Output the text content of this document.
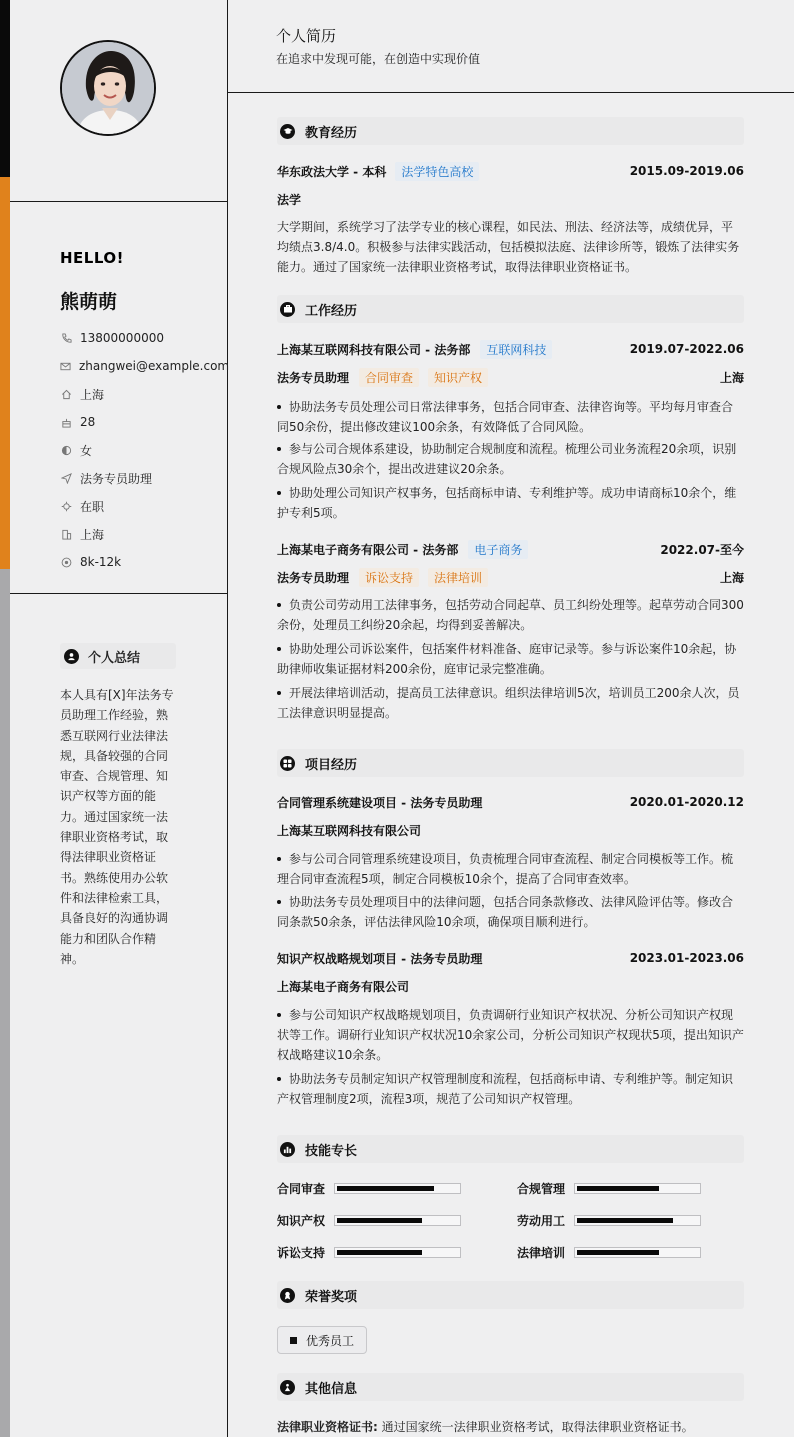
HELLO!
熊萌萌
13800000000
zhangwei@example.com
上海
28
女
法务专员助理
在职
上海
8k-12k
个人总结
本人具有[X]年法务专员助理工作经验，熟悉互联网行业法律法规，具备较强的合同审查、合规管理、知识产权等方面的能力。通过国家统一法律职业资格考试，取得法律职业资格证书。熟练使用办公软件和法律检索工具，具备良好的沟通协调能力和团队合作精神。
个人简历
在追求中发现可能，在创造中实现价值
教育经历
华东政法大学 - 本科	法学特色高校	2015.09-2019.06
法学
大学期间，系统学习了法学专业的核心课程，如民法、刑法、经济法等，成绩优异，平均绩点3.8/4.0。积极参与法律实践活动，包括模拟法庭、法律诊所等，锻炼了法律实务能力。通过了国家统一法律职业资格考试，取得法律职业资格证书。
工作经历
上海某互联网科技有限公司 - 法务部	互联网科技	2019.07-2022.06
法务专员助理	合同审查	知识产权	上海
协助法务专员处理公司日常法律事务，包括合同审查、法律咨询等。平均每月审查合同50余份，提出修改建议100余条，有效降低了合同风险。
参与公司合规体系建设，协助制定合规制度和流程。梳理公司业务流程20余项，识别合规风险点30余个，提出改进建议20余条。
协助处理公司知识产权事务，包括商标申请、专利维护等。成功申请商标10余个，维护专利5项。
上海某电子商务有限公司 - 法务部	电子商务	2022.07-至今
法务专员助理	诉讼支持	法律培训	上海
负责公司劳动用工法律事务，包括劳动合同起草、员工纠纷处理等。起草劳动合同300余份，处理员工纠纷20余起，均得到妥善解决。
协助处理公司诉讼案件，包括案件材料准备、庭审记录等。参与诉讼案件10余起，协助律师收集证据材料200余份，庭审记录完整准确。
开展法律培训活动，提高员工法律意识。组织法律培训5次，培训员工200余人次，员工法律意识明显提高。
项目经历
合同管理系统建设项目 - 法务专员助理	2020.01-2020.12
上海某互联网科技有限公司
参与公司合同管理系统建设项目，负责梳理合同审查流程、制定合同模板等工作。梳理合同审查流程5项，制定合同模板10余个，提高了合同审查效率。
协助法务专员处理项目中的法律问题，包括合同条款修改、法律风险评估等。修改合同条款50余条，评估法律风险10余项，确保项目顺利进行。
知识产权战略规划项目 - 法务专员助理	2023.01-2023.06
上海某电子商务有限公司
参与公司知识产权战略规划项目，负责调研行业知识产权状况、分析公司知识产权现状等工作。调研行业知识产权状况10余家公司，分析公司知识产权现状5项，提出知识产权战略建议10余条。
协助法务专员制定知识产权管理制度和流程，包括商标申请、专利维护等。制定知识产权管理制度2项，流程3项，规范了公司知识产权管理。
技能专长
合同审查	合规管理
知识产权	劳动用工
诉讼支持	法律培训
荣誉奖项
优秀员工
其他信息
法律职业资格证书: 通过国家统一法律职业资格考试，取得法律职业资格证书。
